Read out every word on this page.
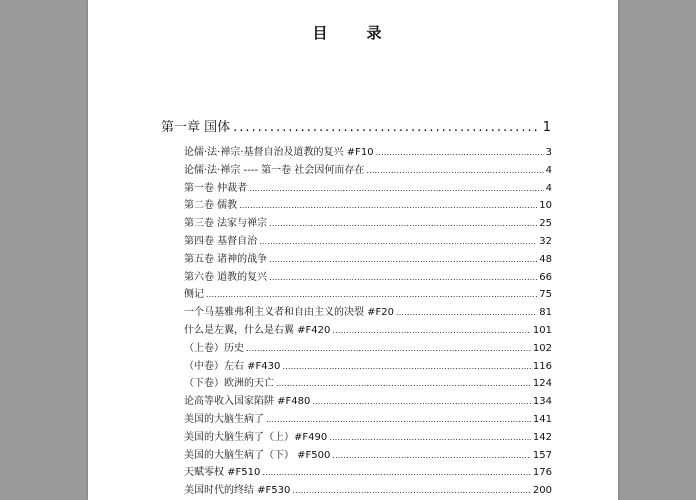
目　录
第一章 国体 .....	1
论儒·法·禅宗·基督自治及道教的复兴 #F10 .....	3
论儒·法·禅宗 ---- 第一卷 社会因何而存在 .....	4
第一卷 仲裁者 .....	4
第二卷 儒教 .....	10
第三卷 法家与禅宗 .....	25
第四卷 基督自治 .....	32
第五卷 诸神的战争 .....	48
第六卷 道教的复兴 .....	66
侧记 .....	75
一个马基雅弗利主义者和自由主义的决裂 #F20 .....	81
什么是左翼，什么是右翼 #F420 .....	101
（上卷）历史 .....	102
（中卷）左右 #F430 .....	116
（下卷）欧洲的天亡 .....	124
论高等收入国家陷阱 #F480 .....	134
美国的大脑生病了 .....	141
美国的大脑生病了（上）#F490 .....	142
美国的大脑生病了（下） #F500 .....	157
天赋零权 #F510 .....	176
美国时代的终结 #F530 .....	200
